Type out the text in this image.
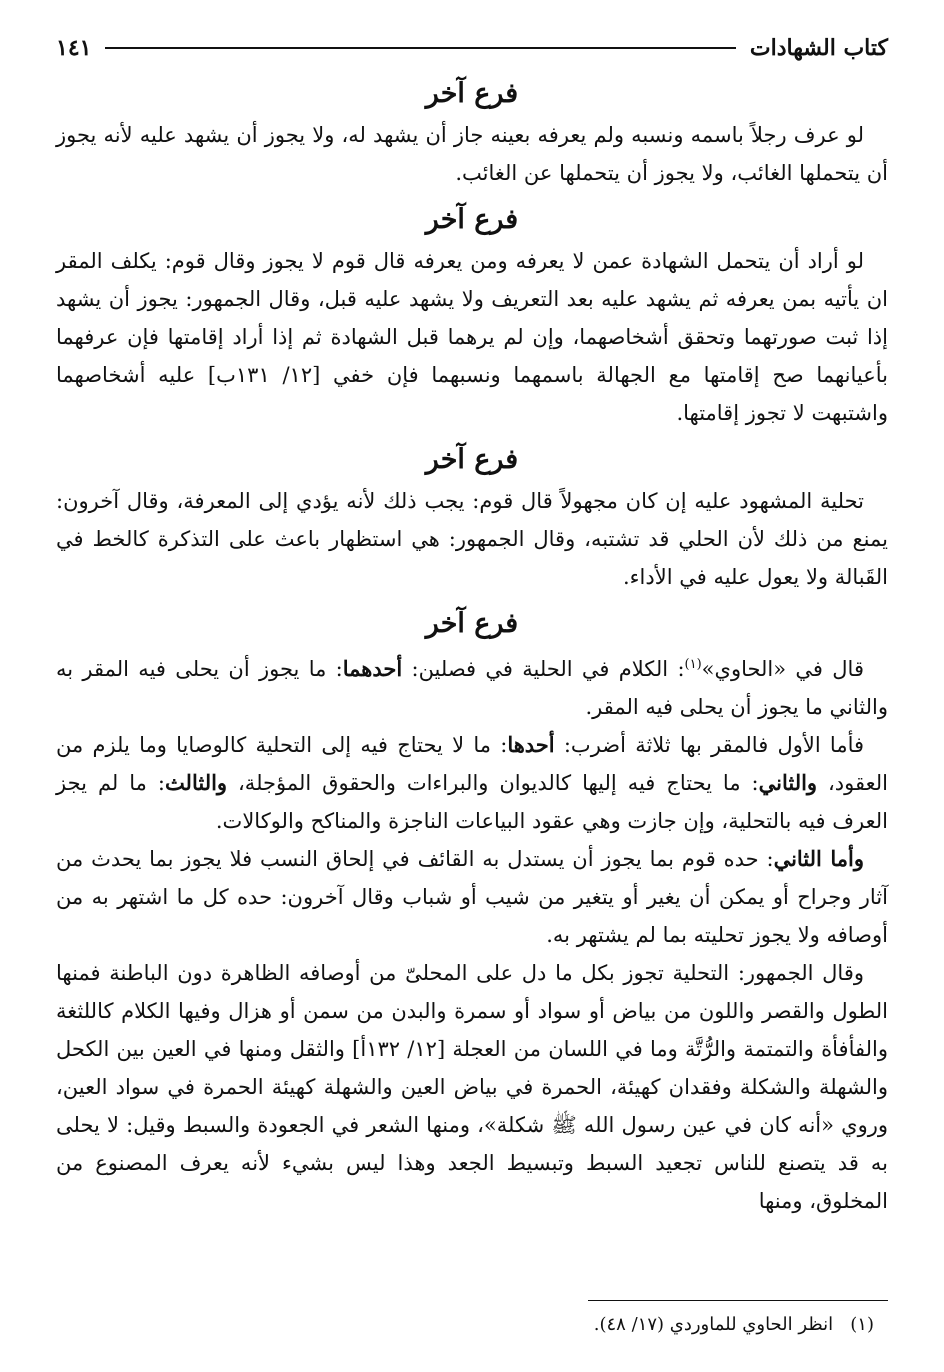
كتاب الشهادات
١٤١
فرع آخر

لو عرف رجلاً باسمه ونسبه ولم يعرفه بعينه جاز أن يشهد له، ولا يجوز أن يشهد عليه لأنه يجوز أن يتحملها الغائب، ولا يجوز أن يتحملها عن الغائب.

فرع آخر

لو أراد أن يتحمل الشهادة عمن لا يعرفه ومن يعرفه قال قوم لا يجوز وقال قوم: يكلف المقر ان يأتيه بمن يعرفه ثم يشهد عليه بعد التعريف ولا يشهد عليه قبل، وقال الجمهور: يجوز أن يشهد إذا ثبت صورتهما وتحقق أشخاصهما، وإن لم يرهما قبل الشهادة ثم إذا أراد إقامتها فإن عرفهما بأعيانهما صح إقامتها مع الجهالة باسمهما ونسبهما فإن خفي [١٢/ ١٣١ب] عليه أشخاصهما واشتبهت لا تجوز إقامتها.

فرع آخر

تحلية المشهود عليه إن كان مجهولاً قال قوم: يجب ذلك لأنه يؤدي إلى المعرفة، وقال آخرون: يمنع من ذلك لأن الحلي قد تشتبه، وقال الجمهور: هي استظهار باعث على التذكرة كالخط في القَبالة ولا يعول عليه في الأداء.

فرع آخر

قال في «الحاوي»$^{(١)}$: الكلام في الحلية في فصلين: أحدهما: ما يجوز أن يحلى فيه المقر به والثاني ما يجوز أن يحلى فيه المقر.

فأما الأول فالمقر بها ثلاثة أضرب: أحدها: ما لا يحتاج فيه إلى التحلية كالوصايا وما يلزم من العقود، والثاني: ما يحتاج فيه إليها كالديوان والبراءات والحقوق المؤجلة، والثالث: ما لم يجز العرف فيه بالتحلية، وإن جازت وهي عقود البياعات الناجزة والمناكح والوكالات.

وأما الثاني: حده قوم بما يجوز أن يستدل به القائف في إلحاق النسب فلا يجوز بما يحدث من آثار وجراح أو يمكن أن يغير أو يتغير من شيب أو شباب وقال آخرون: حده كل ما اشتهر به من أوصافه ولا يجوز تحليته بما لم يشتهر به.

وقال الجمهور: التحلية تجوز بكل ما دل على المحلىّ من أوصافه الظاهرة دون الباطنة فمنها الطول والقصر واللون من بياض أو سواد أو سمرة والبدن من سمن أو هزال وفيها الكلام كاللثغة والفأفأة والتمتمة والرُّتَّة وما في اللسان من العجلة [١٢/ ١٣٢أ] والثقل ومنها في العين بين الكحل والشهلة والشكلة وفقدان كهيئة، الحمرة في بياض العين والشهلة كهيئة الحمرة في سواد العين، وروي «أنه كان في عين رسول الله ﷺ شكلة»، ومنها الشعر في الجعودة والسبط وقيل: لا يحلى به قد يتصنع للناس تجعيد السبط وتبسيط الجعد وهذا ليس بشيء لأنه يعرف المصنوع من المخلوق، ومنها

(١)   انظر الحاوي للماوردي (١٧/ ٤٨).
